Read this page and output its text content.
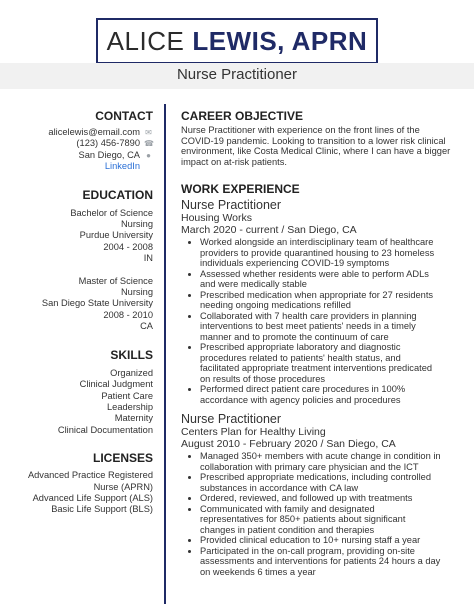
ALICE LEWIS, APRN
Nurse Practitioner
CONTACT
alicelewis@email.com ✉
(123) 456-7890 ☎
San Diego, CA ●
LinkedIn
EDUCATION
Bachelor of Science
Nursing
Purdue University
2004 - 2008
IN
Master of Science
Nursing
San Diego State University
2008 - 2010
CA
SKILLS
Organized
Clinical Judgment
Patient Care
Leadership
Maternity
Clinical Documentation
LICENSES
Advanced Practice Registered
Nurse (APRN)
Advanced Life Support (ALS)
Basic Life Support (BLS)
CAREER OBJECTIVE
Nurse Practitioner with experience on the front lines of the
COVID-19 pandemic. Looking to transition to a lower risk clinical
environment, like Costa Medical Clinic, where I can have a bigger
impact on at-risk patients.
WORK EXPERIENCE
Nurse Practitioner
Housing Works
March 2020 - current / San Diego, CA
• Worked alongside an interdisciplinary team of healthcare
providers to provide quarantined housing to 23 homeless
individuals experiencing COVID-19 symptoms
• Assessed whether residents were able to perform ADLs
and were medically stable
• Prescribed medication when appropriate for 27 residents
needing ongoing medications refilled
• Collaborated with 7 health care providers in planning
interventions to best meet patients' needs in a timely
manner and to promote the continuum of care
• Prescribed appropriate laboratory and diagnostic
procedures related to patients' health status, and
facilitated appropriate treatment interventions predicated
on results of those procedures
• Performed direct patient care procedures in 100%
accordance with agency policies and procedures
Nurse Practitioner
Centers Plan for Healthy Living
August 2010 - February 2020 / San Diego, CA
• Managed 350+ members with acute change in condition in
collaboration with primary care physician and the ICT
• Prescribed appropriate medications, including controlled
substances in accordance with CA law
• Ordered, reviewed, and followed up with treatments
• Communicated with family and designated
representatives for 850+ patients about significant
changes in patient condition and therapies
• Provided clinical education to 10+ nursing staff a year
• Participated in the on-call program, providing on-site
assessments and interventions for patients 24 hours a day
on weekends 6 times a year
